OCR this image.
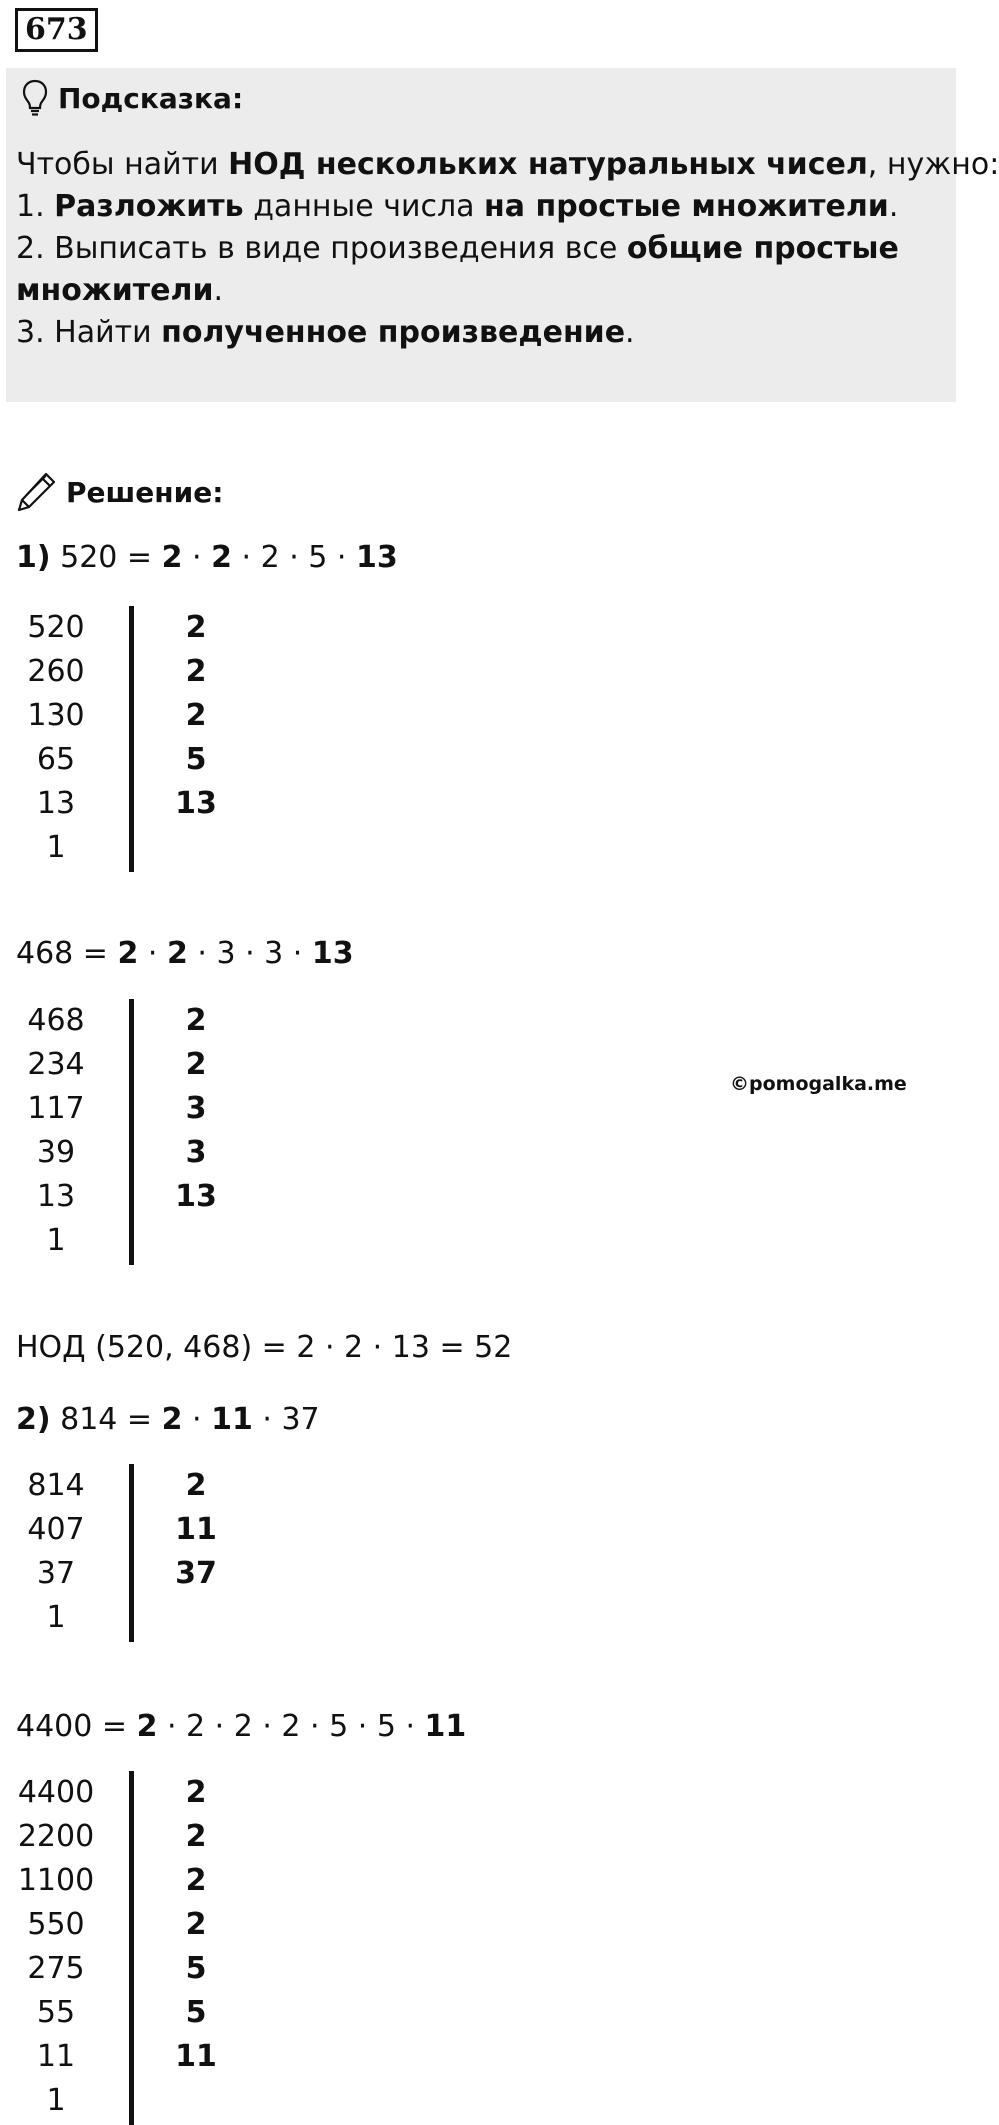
673
Подсказка:
Чтобы найти НОД нескольких натуральных чисел, нужно:
1. Разложить данные числа на простые множители.
2. Выписать в виде произведения все общие простые
множители.
3. Найти полученное произведение.
Решение:
1) 520 = 2 · 2 · 2 · 5 · 13
468 = 2 · 2 · 3 · 3 · 13
НОД (520, 468) = 2 · 2 · 13 = 52
2) 814 = 2 · 11 · 37
4400 = 2 · 2 · 2 · 2 · 5 · 5 · 11
520	2
260	2
130	2
65	5
13	13
1
468	2
234	2
117	3
39	3
13	13
1
814	2
407	11
37	37
1
4400	2
2200	2
1100	2
550	2
275	5
55	5
11	11
1
©pomogalka.me
